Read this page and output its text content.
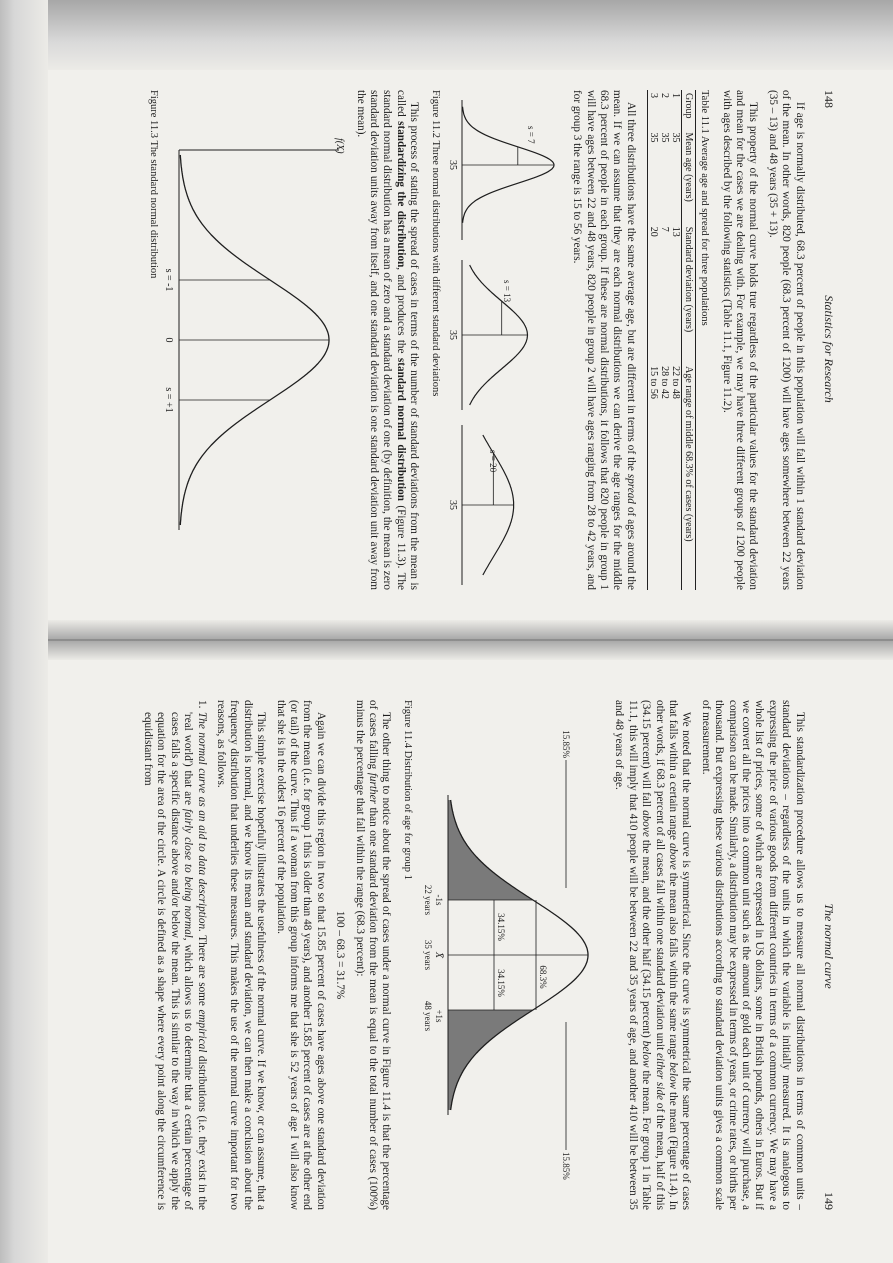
148
Statistics for Research

If age is normally distributed, 68.3 percent of people in this population will fall within 1 standard deviation of the mean. In other words, 820 people (68.3 percent of 1200) will have ages somewhere between 22 years (35 – 13) and 48 years (35 + 13).

This property of the normal curve holds true regardless of the particular values for the standard deviation and mean for the cases we are dealing with. For example, we may have three different groups of 1200 people with ages described by the following statistics (Table 11.1, Figure 11.2).

Table 11.1 Average age and spread for three populations
Group	Mean age (years)	Standard deviation (years)	Age range of middle 68.3% of cases (years)
1	35	13	22 to 48
2	35	7	28 to 42
3	35	20	15 to 56

All three distributions have the same average age, but are different in terms of the spread of ages around the mean. If we can assume that they are each normal distributions we can derive the age ranges for the middle 68.3 percent of people in each group. If these are normal distributions, it follows that 820 people in group 1 will have ages between 22 and 48 years, 820 people in group 2 will have ages ranging from 28 to 42 years, and for group 3 the range is 15 to 56 years.

s = 7
s = 13
s = 20
35
35
35
Figure 11.2 Three normal distributions with different standard deviations

This process of stating the spread of cases in terms of the number of standard deviations from the mean is called standardizing the distribution, and produces the standard normal distribution (Figure 11.3). The standard normal distribution has a mean of zero and a standard deviation of one (by definition, the mean is zero standard deviation units away from itself, and one standard deviation is one standard deviation unit away from the mean).

f(X)
s = -1
0
s = +1
Figure 11.3 The standard normal distribution
The normal curve
149

This standardization procedure allows us to measure all normal distributions in terms of common units – standard deviations – regardless of the units in which the variable is initially measured. It is analogous to expressing the price of various goods from different countries in terms of a common currency. We may have a whole list of prices, some of which are expressed in US dollars, some in British pounds, others in Euros. But if we convert all the prices into a common unit such as the amount of gold each unit of currency will purchase, a comparison can be made. Similarly, a distribution may be expressed in terms of years, or crime rates, or births per thousand. But expressing these various distributions according to standard deviation units gives a common scale of measurement.

We noted that the normal curve is symmetrical. Since the curve is symmetrical the same percentage of cases that falls within a certain range above the mean also falls within the same range below the mean (Figure 11.4). In other words, if 68.3 percent of all cases fall within one standard deviation unit either side of the mean, half of this (34.15 percent) will fall above the mean, and the other half (34.15 percent) below the mean. For group 1 in Table 11.1, this will imply that 410 people will be between 22 and 35 years of age, and another 410 will be between 35 and 48 years of age.

15.85%
15.85%
68.3%
34.15%
34.15%
-1s
22 years
X̄
35 years
+1s
48 years
Figure 11.4 Distribution of age for group 1

The other thing to notice about the spread of cases under a normal curve in Figure 11.4 is that the percentage of cases falling further than one standard deviation from the mean is equal to the total number of cases (100%) minus the percentage that fall within the range (68.3 percent):

100 – 68.3 = 31.7%

Again we can divide this region in two so that 15.85 percent of cases have ages above one standard deviation from the mean (i.e. for group 1 this is older than 48 years), and another 15.85 percent of cases are at the other end (or tail) of the curve. Thus if a woman from this group informs me that she is 52 years of age I will also know that she is in the oldest 16 percent of the population.

This simple exercise hopefully illustrates the usefulness of the normal curve. If we know, or can assume, that a distribution is normal, and we know its mean and standard deviation, we can then make a conclusion about the frequency distribution that underlies these measures. This makes the use of the normal curve important for two reasons, as follows.

1. The normal curve as an aid to data description. There are some empirical distributions (i.e. they exist in the 'real world') that are fairly close to being normal, which allows us to determine that a certain percentage of cases falls a specific distance above and/or below the mean. This is similar to the way in which we apply the equation for the area of the circle. A circle is defined as a shape where every point along the circumference is equidistant from
